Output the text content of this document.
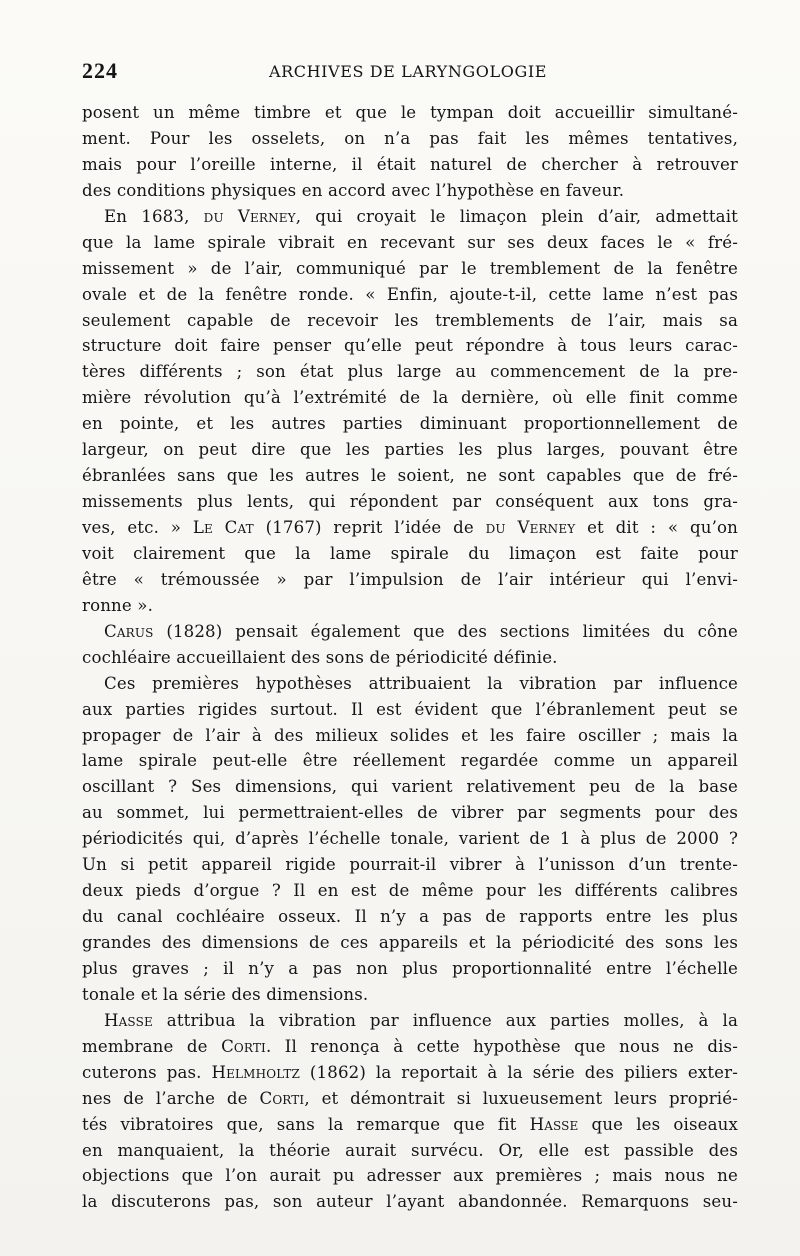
224	ARCHIVES DE LARYNGOLOGIE
posent un même timbre et que le tympan doit accueillir simultané-
ment. Pour les osselets, on n’a pas fait les mêmes tentatives,
mais pour l’oreille interne, il était naturel de chercher à retrouver
des conditions physiques en accord avec l’hypothèse en faveur.
En 1683, du Verney, qui croyait le limaçon plein d’air, admettait
que la lame spirale vibrait en recevant sur ses deux faces le « fré-
missement » de l’air, communiqué par le tremblement de la fenêtre
ovale et de la fenêtre ronde. « Enfin, ajoute-t-il, cette lame n’est pas
seulement capable de recevoir les tremblements de l’air, mais sa
structure doit faire penser qu’elle peut répondre à tous leurs carac-
tères différents ; son état plus large au commencement de la pre-
mière révolution qu’à l’extrémité de la dernière, où elle finit comme
en pointe, et les autres parties diminuant proportionnellement de
largeur, on peut dire que les parties les plus larges, pouvant être
ébranlées sans que les autres le soient, ne sont capables que de fré-
missements plus lents, qui répondent par conséquent aux tons gra-
ves, etc. » Le Cat (1767) reprit l’idée de du Verney et dit : « qu’on
voit clairement que la lame spirale du limaçon est faite pour
être « trémoussée » par l’impulsion de l’air intérieur qui l’envi-
ronne ».
Carus (1828) pensait également que des sections limitées du cône
cochléaire accueillaient des sons de périodicité définie.
Ces premières hypothèses attribuaient la vibration par influence
aux parties rigides surtout. Il est évident que l’ébranlement peut se
propager de l’air à des milieux solides et les faire osciller ; mais la
lame spirale peut-elle être réellement regardée comme un appareil
oscillant ? Ses dimensions, qui varient relativement peu de la base
au sommet, lui permettraient-elles de vibrer par segments pour des
périodicités qui, d’après l’échelle tonale, varient de 1 à plus de 2000 ?
Un si petit appareil rigide pourrait-il vibrer à l’unisson d’un trente-
deux pieds d’orgue ? Il en est de même pour les différents calibres
du canal cochléaire osseux. Il n’y a pas de rapports entre les plus
grandes des dimensions de ces appareils et la périodicité des sons les
plus graves ; il n’y a pas non plus proportionnalité entre l’échelle
tonale et la série des dimensions.
Hasse attribua la vibration par influence aux parties molles, à la
membrane de Corti. Il renonça à cette hypothèse que nous ne dis-
cuterons pas. Helmholtz (1862) la reportait à la série des piliers exter-
nes de l’arche de Corti, et démontrait si luxueusement leurs proprié-
tés vibratoires que, sans la remarque que fit Hasse que les oiseaux
en manquaient, la théorie aurait survécu. Or, elle est passible des
objections que l’on aurait pu adresser aux premières ; mais nous ne
la discuterons pas, son auteur l’ayant abandonnée. Remarquons seu-
